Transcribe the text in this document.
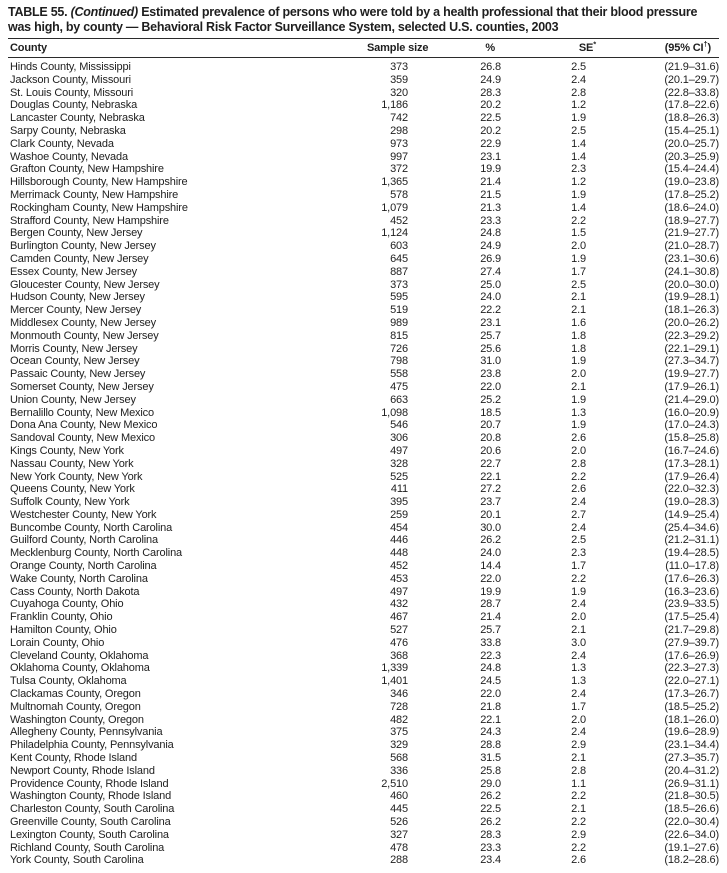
TABLE 55. (Continued) Estimated prevalence of persons who were told by a health professional that their blood pressure was high, by county — Behavioral Risk Factor Surveillance System, selected U.S. counties, 2003

County	Sample size	%	SE*	(95% CI†)
Hinds County, Mississippi	373	26.8	2.5	(21.9–31.6)
Jackson County, Missouri	359	24.9	2.4	(20.1–29.7)
St. Louis County, Missouri	320	28.3	2.8	(22.8–33.8)
Douglas County, Nebraska	1,186	20.2	1.2	(17.8–22.6)
Lancaster County, Nebraska	742	22.5	1.9	(18.8–26.3)
Sarpy County, Nebraska	298	20.2	2.5	(15.4–25.1)
Clark County, Nevada	973	22.9	1.4	(20.0–25.7)
Washoe County, Nevada	997	23.1	1.4	(20.3–25.9)
Grafton County, New Hampshire	372	19.9	2.3	(15.4–24.4)
Hillsborough County, New Hampshire	1,365	21.4	1.2	(19.0–23.8)
Merrimack County, New Hampshire	578	21.5	1.9	(17.8–25.2)
Rockingham County, New Hampshire	1,079	21.3	1.4	(18.6–24.0)
Strafford County, New Hampshire	452	23.3	2.2	(18.9–27.7)
Bergen County, New Jersey	1,124	24.8	1.5	(21.9–27.7)
Burlington County, New Jersey	603	24.9	2.0	(21.0–28.7)
Camden County, New Jersey	645	26.9	1.9	(23.1–30.6)
Essex County, New Jersey	887	27.4	1.7	(24.1–30.8)
Gloucester County, New Jersey	373	25.0	2.5	(20.0–30.0)
Hudson County, New Jersey	595	24.0	2.1	(19.9–28.1)
Mercer County, New Jersey	519	22.2	2.1	(18.1–26.3)
Middlesex County, New Jersey	989	23.1	1.6	(20.0–26.2)
Monmouth County, New Jersey	815	25.7	1.8	(22.3–29.2)
Morris County, New Jersey	726	25.6	1.8	(22.1–29.1)
Ocean County, New Jersey	798	31.0	1.9	(27.3–34.7)
Passaic County, New Jersey	558	23.8	2.0	(19.9–27.7)
Somerset County, New Jersey	475	22.0	2.1	(17.9–26.1)
Union County, New Jersey	663	25.2	1.9	(21.4–29.0)
Bernalillo County, New Mexico	1,098	18.5	1.3	(16.0–20.9)
Dona Ana County, New Mexico	546	20.7	1.9	(17.0–24.3)
Sandoval County, New Mexico	306	20.8	2.6	(15.8–25.8)
Kings County, New York	497	20.6	2.0	(16.7–24.6)
Nassau County, New York	328	22.7	2.8	(17.3–28.1)
New York County, New York	525	22.1	2.2	(17.9–26.4)
Queens County, New York	411	27.2	2.6	(22.0–32.3)
Suffolk County, New York	395	23.7	2.4	(19.0–28.3)
Westchester County, New York	259	20.1	2.7	(14.9–25.4)
Buncombe County, North Carolina	454	30.0	2.4	(25.4–34.6)
Guilford County, North Carolina	446	26.2	2.5	(21.2–31.1)
Mecklenburg County, North Carolina	448	24.0	2.3	(19.4–28.5)
Orange County, North Carolina	452	14.4	1.7	(11.0–17.8)
Wake County, North Carolina	453	22.0	2.2	(17.6–26.3)
Cass County, North Dakota	497	19.9	1.9	(16.3–23.6)
Cuyahoga County, Ohio	432	28.7	2.4	(23.9–33.5)
Franklin County, Ohio	467	21.4	2.0	(17.5–25.4)
Hamilton County, Ohio	527	25.7	2.1	(21.7–29.8)
Lorain County, Ohio	476	33.8	3.0	(27.9–39.7)
Cleveland County, Oklahoma	368	22.3	2.4	(17.6–26.9)
Oklahoma County, Oklahoma	1,339	24.8	1.3	(22.3–27.3)
Tulsa County, Oklahoma	1,401	24.5	1.3	(22.0–27.1)
Clackamas County, Oregon	346	22.0	2.4	(17.3–26.7)
Multnomah County, Oregon	728	21.8	1.7	(18.5–25.2)
Washington County, Oregon	482	22.1	2.0	(18.1–26.0)
Allegheny County, Pennsylvania	375	24.3	2.4	(19.6–28.9)
Philadelphia County, Pennsylvania	329	28.8	2.9	(23.1–34.4)
Kent County, Rhode Island	568	31.5	2.1	(27.3–35.7)
Newport County, Rhode Island	336	25.8	2.8	(20.4–31.2)
Providence County, Rhode Island	2,510	29.0	1.1	(26.9–31.1)
Washington County, Rhode Island	460	26.2	2.2	(21.8–30.5)
Charleston County, South Carolina	445	22.5	2.1	(18.5–26.6)
Greenville County, South Carolina	526	26.2	2.2	(22.0–30.4)
Lexington County, South Carolina	327	28.3	2.9	(22.6–34.0)
Richland County, South Carolina	478	23.3	2.2	(19.1–27.6)
York County, South Carolina	288	23.4	2.6	(18.2–28.6)
